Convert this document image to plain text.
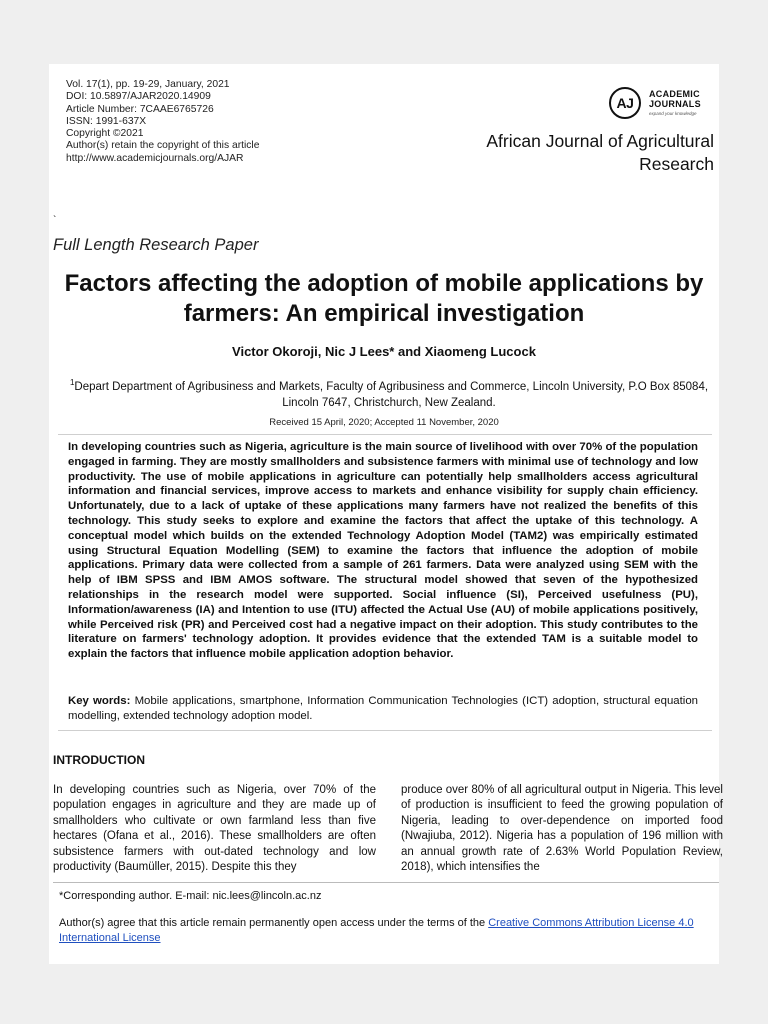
Vol. 17(1), pp. 19-29, January, 2021
DOI: 10.5897/AJAR2020.14909
Article Number: 7CAAE6765726
ISSN: 1991-637X
Copyright ©2021
Author(s) retain the copyright of this article
http://www.academicjournals.org/AJAR
AJ
ACADEMIC
JOURNALS
expand your knowledge
African Journal of Agricultural
Research
`
Full Length Research Paper
Factors affecting the adoption of mobile applications by
farmers: An empirical investigation
Victor Okoroji, Nic J Lees* and Xiaomeng Lucock
$^1$Depart Department of Agribusiness and Markets, Faculty of Agribusiness and Commerce, Lincoln University, P.O Box 85084, Lincoln 7647, Christchurch, New Zealand.
Received 15 April, 2020; Accepted 11 November, 2020
In developing countries such as Nigeria, agriculture is the main source of livelihood with over 70% of the population engaged in farming. They are mostly smallholders and subsistence farmers with minimal use of technology and low productivity. The use of mobile applications in agriculture can potentially help smallholders access agricultural information and financial services, improve access to markets and enhance visibility for supply chain efficiency. Unfortunately, due to a lack of uptake of these applications many farmers have not realized the benefits of this technology. This study seeks to explore and examine the factors that affect the uptake of this technology. A conceptual model which builds on the extended Technology Adoption Model (TAM2) was empirically estimated using Structural Equation Modelling (SEM) to examine the factors that influence the adoption of mobile applications. Primary data were collected from a sample of 261 farmers. Data were analyzed using SEM with the help of IBM SPSS and IBM AMOS software. The structural model showed that seven of the hypothesized relationships in the research model were supported. Social influence (SI), Perceived usefulness (PU), Information/awareness (IA) and Intention to use (ITU) affected the Actual Use (AU) of mobile applications positively, while Perceived risk (PR) and Perceived cost had a negative impact on their adoption. This study contributes to the literature on farmers' technology adoption. It provides evidence that the extended TAM is a suitable model to explain the factors that influence mobile application adoption behavior.
Key words: Mobile applications, smartphone, Information Communication Technologies (ICT) adoption, structural equation modelling, extended technology adoption model.
INTRODUCTION
In developing countries such as Nigeria, over 70% of the population engages in agriculture and they are made up of smallholders who cultivate or own farmland less than five hectares (Ofana et al., 2016). These smallholders are often subsistence farmers with out-dated technology and low productivity (Baumüller, 2015). Despite this they
produce over 80% of all agricultural output in Nigeria. This level of production is insufficient to feed the growing population of Nigeria, leading to over-dependence on imported food (Nwajiuba, 2012). Nigeria has a population of 196 million with an annual growth rate of 2.63% World Population Review, 2018), which intensifies the
*Corresponding author. E-mail: nic.lees@lincoln.ac.nz
Author(s) agree that this article remain permanently open access under the terms of the Creative Commons Attribution License 4.0 International License
